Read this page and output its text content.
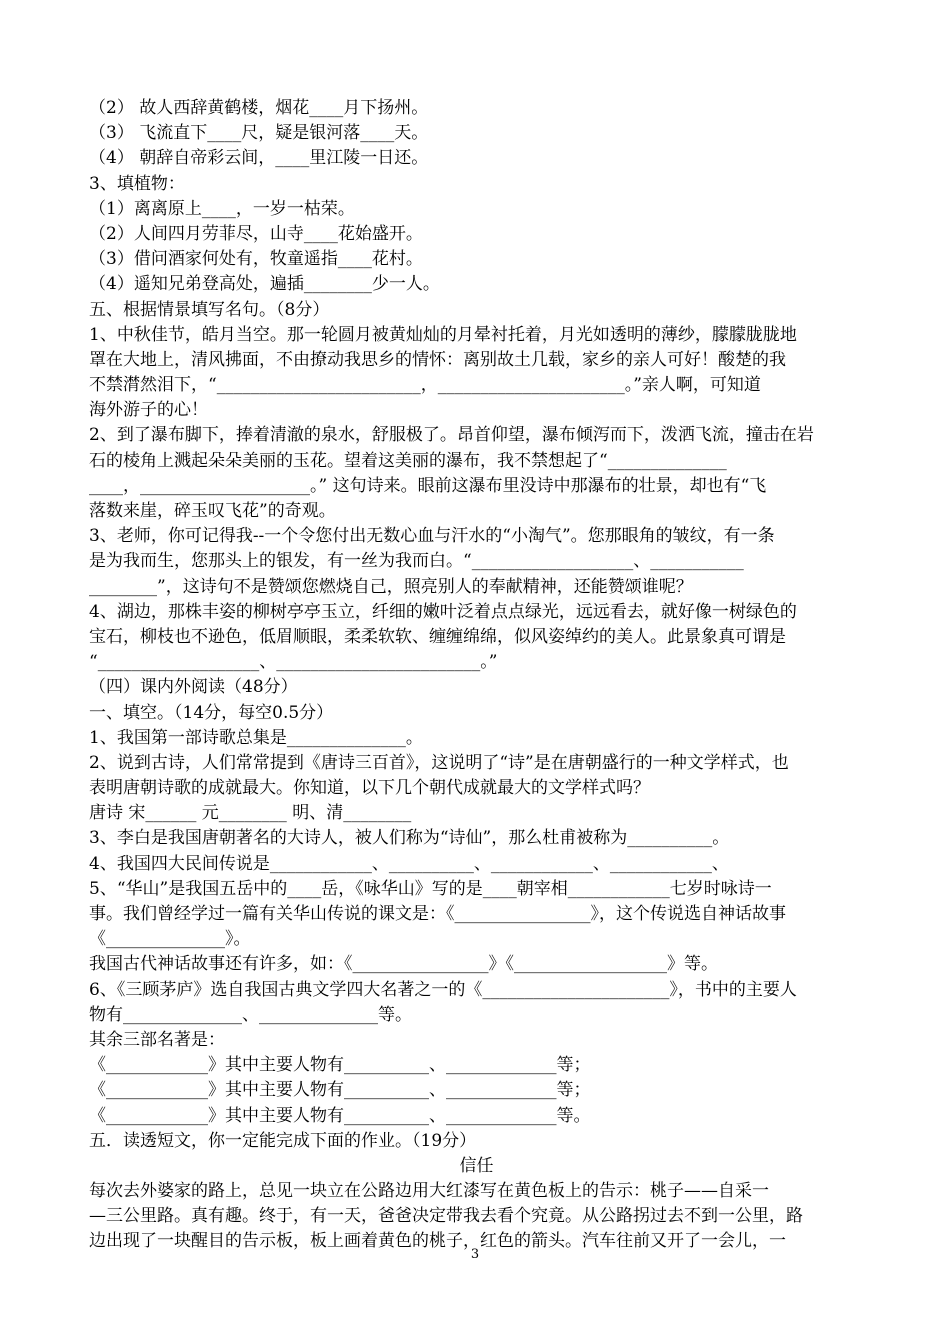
（2） 故人西辞黄鹤楼，烟花____月下扬州。
（3） 飞流直下____尺，疑是银河落____天。
（4） 朝辞自帝彩云间，____里江陵一日还。
3、填植物：
（1）离离原上____，一岁一枯荣。
（2）人间四月劳菲尽，山寺____花始盛开。
（3）借问酒家何处有，牧童遥指____花村。
（4）遥知兄弟登高处，遍插________少一人。
五、根据情景填写名句。（8分）
1、中秋佳节，皓月当空。那一轮圆月被黄灿灿的月晕衬托着，月光如透明的薄纱，朦朦胧胧地
罩在大地上，清风拂面，不由撩动我思乡的情怀：离别故土几载，家乡的亲人可好！酸楚的我
不禁潸然泪下，“________________________，______________________。”亲人啊，可知道
海外游子的心！
2、到了瀑布脚下，捧着清澈的泉水，舒服极了。昂首仰望，瀑布倾泻而下，泼洒飞流，撞击在岩
石的棱角上溅起朵朵美丽的玉花。望着这美丽的瀑布，我不禁想起了“______________
____，____________________。” 这句诗来。眼前这瀑布里没诗中那瀑布的壮景，却也有“飞
落数来崖，碎玉叹飞花”的奇观。
3、老师，你可记得我--一个令您付出无数心血与汗水的“小淘气”。您那眼角的皱纹，有一条
是为我而生，您那头上的银发，有一丝为我而白。“___________________、___________
________”，这诗句不是赞颂您燃烧自己，照亮别人的奉献精神，还能赞颂谁呢？
4、湖边，那株丰姿的柳树亭亭玉立，纤细的嫩叶泛着点点绿光，远远看去，就好像一树绿色的
宝石，柳枝也不逊色，低眉顺眼，柔柔软软、缠缠绵绵，似风姿绰约的美人。此景象真可谓是
“___________________、________________________。”
（四）课内外阅读（48分）
一、填空。（14分，每空0.5分）
1、我国第一部诗歌总集是______________。
2、说到古诗，人们常常提到《唐诗三百首》，这说明了“诗”是在唐朝盛行的一种文学样式，也
表明唐朝诗歌的成就最大。你知道，以下几个朝代成就最大的文学样式吗？
唐诗 宋______ 元________ 明、清________
3、李白是我国唐朝著名的大诗人，被人们称为“诗仙”，那么杜甫被称为__________。
4、我国四大民间传说是____________、__________、____________、____________、
5、“华山”是我国五岳中的____岳，《咏华山》写的是____朝宰相____________七岁时咏诗一
事。我们曾经学过一篇有关华山传说的课文是：《________________》，这个传说选自神话故事
《______________》。
我国古代神话故事还有许多，如：《________________》《__________________》等。
6、《三顾茅庐》选自我国古典文学四大名著之一的《______________________》，书中的主要人
物有______________、______________等。
其余三部名著是：
《____________》其中主要人物有__________、_____________等；
《____________》其中主要人物有__________、_____________等；
《____________》其中主要人物有__________、_____________等。
五．读透短文，你一定能完成下面的作业。（19分）
信任
每次去外婆家的路上，总见一块立在公路边用大红漆写在黄色板上的告示：桃子——自采一
—三公里路。真有趣。终于，有一天，爸爸决定带我去看个究竟。从公路拐过去不到一公里，路
边出现了一块醒目的告示板，板上画着黄色的桃子，红色的箭头。汽车往前又开了一会儿，一
3
